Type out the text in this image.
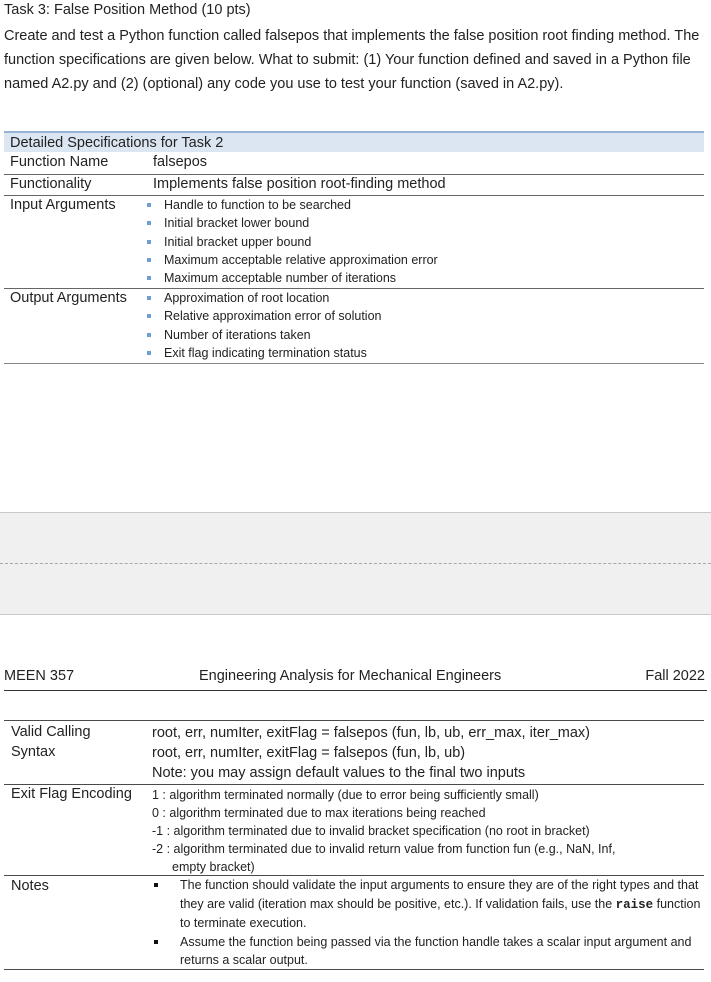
Task 3: False Position Method (10 pts)
Create and test a Python function called falsepos that implements the false position root finding method. The function specifications are given below. What to submit: (1) Your function defined and saved in a Python file named A2.py and (2) (optional) any code you use to test your function (saved in A2.py).
Detailed Specifications for Task 2
Function Name	falsepos
Functionality	Implements false position root-finding method
Input Arguments	Handle to function to be searched
Initial bracket lower bound
Initial bracket upper bound
Maximum acceptable relative approximation error
Maximum acceptable number of iterations
Output Arguments	Approximation of root location
Relative approximation error of solution
Number of iterations taken
Exit flag indicating termination status
MEEN 357	Engineering Analysis for Mechanical Engineers	Fall 2022
Valid Calling
Syntax
root, err, numIter, exitFlag = falsepos (fun, lb, ub, err_max, iter_max)
root, err, numIter, exitFlag = falsepos (fun, lb, ub)
Note: you may assign default values to the final two inputs
Exit Flag Encoding 1 : algorithm terminated normally (due to error being sufficiently small)
0 : algorithm terminated due to max iterations being reached
-1 : algorithm terminated due to invalid bracket specification (no root in bracket)
-2 : algorithm terminated due to invalid return value from function fun (e.g., NaN, Inf,
empty bracket)
Notes	The function should validate the input arguments to ensure they are of the right types and that they are valid (iteration max should be positive, etc.). If validation fails, use the raise function to terminate execution.
Assume the function being passed via the function handle takes a scalar input argument and returns a scalar output.
